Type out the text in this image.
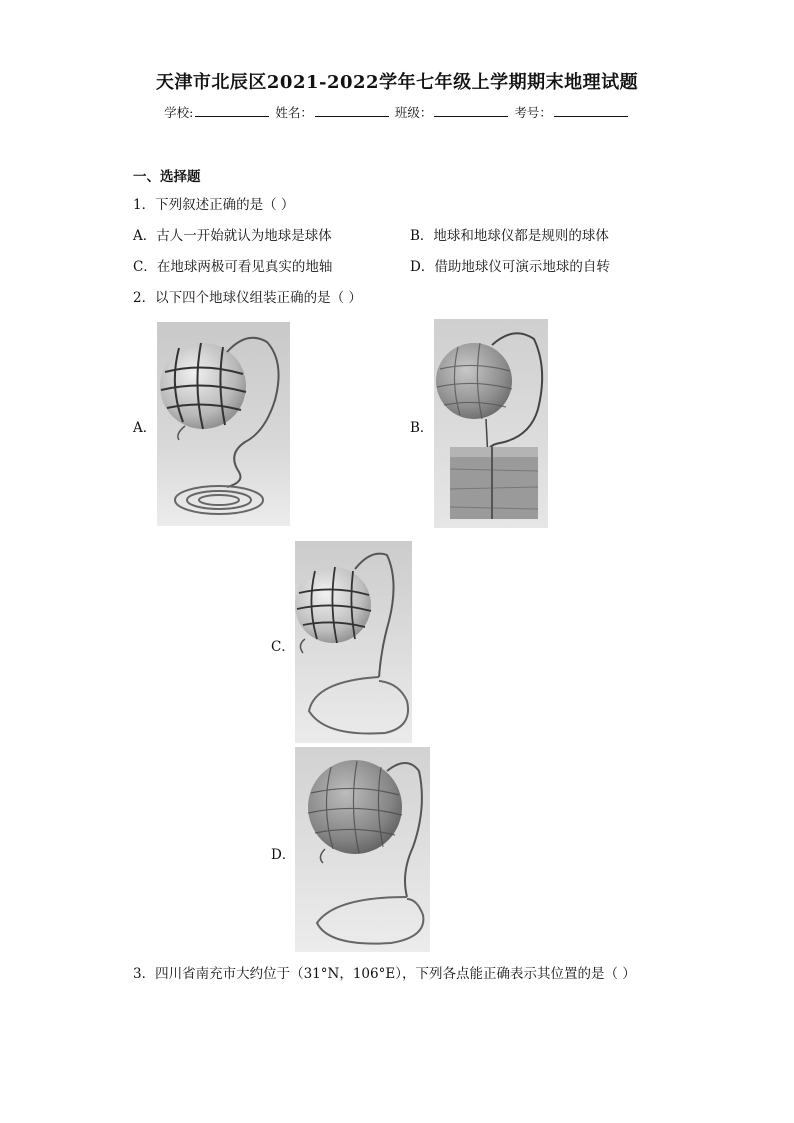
天津市北辰区2021-2022学年七年级上学期期末地理试题
学校:	姓名：	班级：	考号：
一、选择题
1．下列叙述正确的是（ ）
A．古人一开始就认为地球是球体	B．地球和地球仪都是规则的球体
C．在地球两极可看见真实的地轴	D．借助地球仪可演示地球的自转
2．以下四个地球仪组装正确的是（ ）
A．	B．
C．
D．
3．四川省南充市大约位于（31°N，106°E），下列各点能正确表示其位置的是（ ）
